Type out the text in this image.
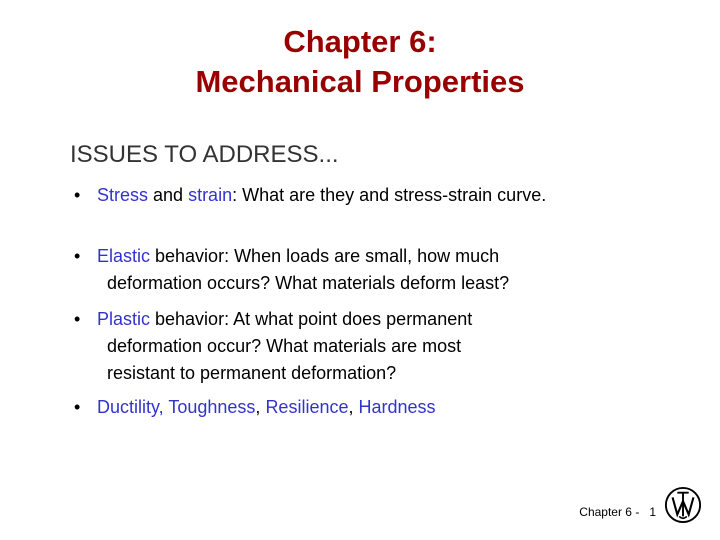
Chapter 6:
Mechanical Properties
ISSUES TO ADDRESS...
• Stress and strain: What are they and stress-strain curve.
• Elastic behavior: When loads are small, how much
deformation occurs? What materials deform least?
• Plastic behavior: At what point does permanent
deformation occur? What materials are most
resistant to permanent deformation?
• Ductility, Toughness, Resilience, Hardness
Chapter 6 - 1
